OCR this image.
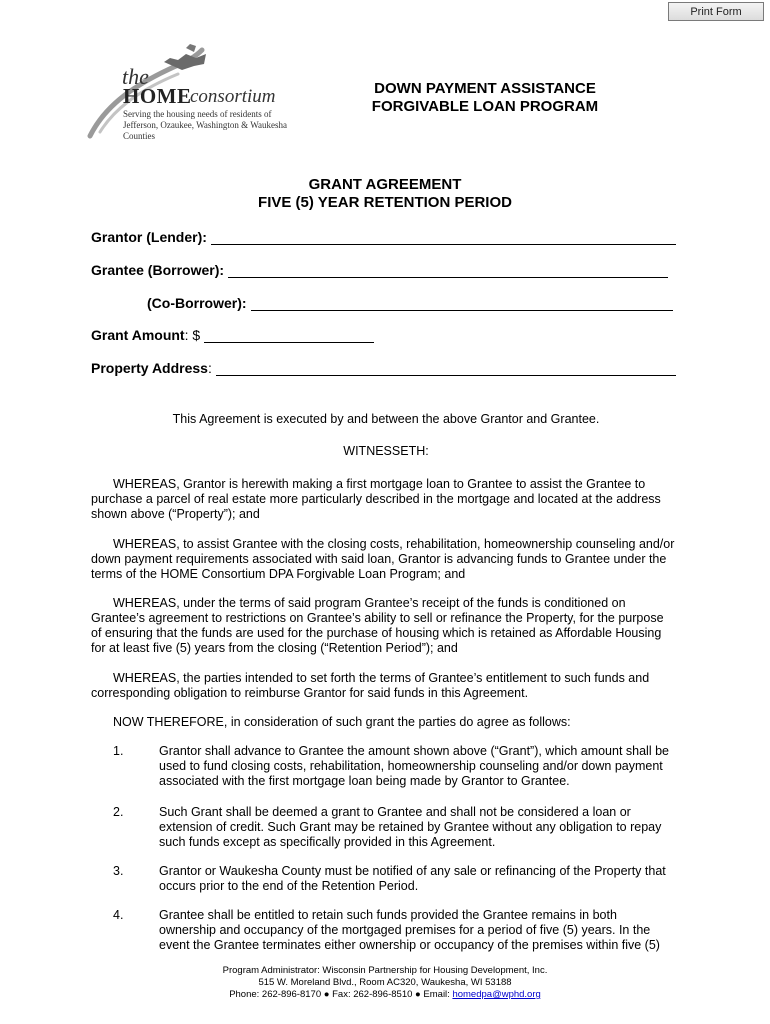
Print Form
the
HOME
consortium
Serving the housing needs of residents of Jefferson, Ozaukee, Washington & Waukesha Counties
DOWN PAYMENT ASSISTANCE
FORGIVABLE LOAN PROGRAM
GRANT AGREEMENT
FIVE (5) YEAR RETENTION PERIOD
Grantor (Lender):
Grantee (Borrower):
(Co-Borrower):
Grant Amount : $
Property Address :
This Agreement is executed by and between the above Grantor and Grantee.
WITNESSETH:
WHEREAS, Grantor is herewith making a first mortgage loan to Grantee to assist the Grantee to
purchase a parcel of real estate more particularly described in the mortgage and located at the address
shown above (“Property”); and
WHEREAS, to assist Grantee with the closing costs, rehabilitation, homeownership counseling and/or
down payment requirements associated with said loan, Grantor is advancing funds to Grantee under the
terms of the HOME Consortium DPA Forgivable Loan Program; and
WHEREAS, under the terms of said program Grantee’s receipt of the funds is conditioned on
Grantee’s agreement to restrictions on Grantee’s ability to sell or refinance the Property, for the purpose
of ensuring that the funds are used for the purchase of housing which is retained as Affordable Housing
for at least five (5) years from the closing (“Retention Period”); and
WHEREAS, the parties intended to set forth the terms of Grantee’s entitlement to such funds and
corresponding obligation to reimburse Grantor for said funds in this Agreement.
NOW THEREFORE, in consideration of such grant the parties do agree as follows:
1.	Grantor shall advance to Grantee the amount shown above (“Grant”), which amount shall be
used to fund closing costs, rehabilitation, homeownership counseling and/or down payment
associated with the first mortgage loan being made by Grantor to Grantee.
2.	Such Grant shall be deemed a grant to Grantee and shall not be considered a loan or
extension of credit. Such Grant may be retained by Grantee without any obligation to repay
such funds except as specifically provided in this Agreement.
3.	Grantor or Waukesha County must be notified of any sale or refinancing of the Property that
occurs prior to the end of the Retention Period.
4.	Grantee shall be entitled to retain such funds provided the Grantee remains in both
ownership and occupancy of the mortgaged premises for a period of five (5) years. In the
event the Grantee terminates either ownership or occupancy of the premises within five (5)
Program Administrator: Wisconsin Partnership for Housing Development, Inc.
515 W. Moreland Blvd., Room AC320, Waukesha, WI 53188
Phone: 262-896-8170 ● Fax: 262-896-8510 ● Email: homedpa@wphd.org
